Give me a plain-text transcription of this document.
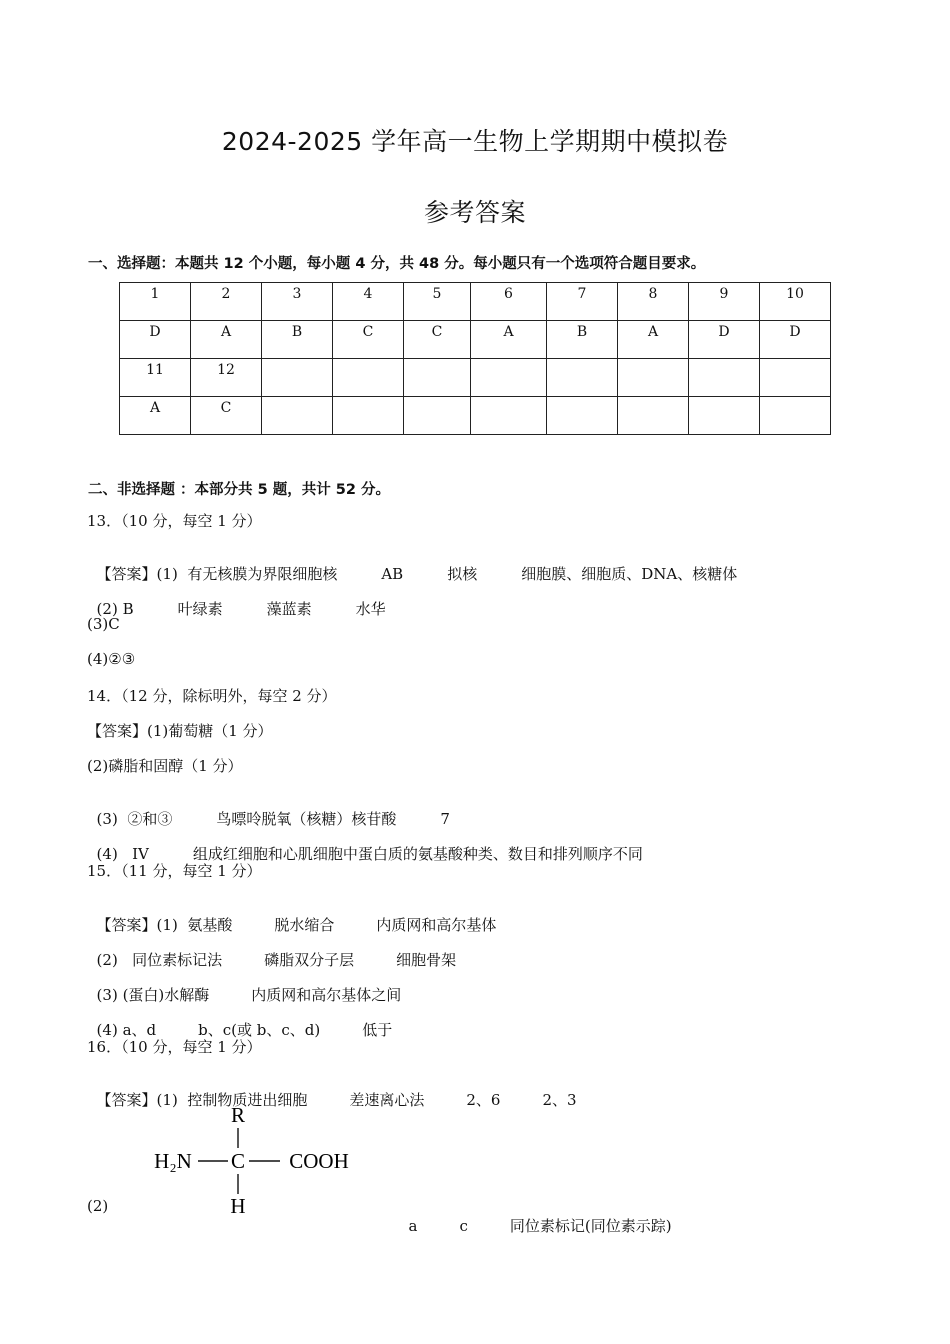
2024-2025 学年高一生物上学期期中模拟卷
参考答案
一、选择题：本题共 12 个小题，每小题 4 分，共 48 分。每小题只有一个选项符合题目要求。
1	2	3	4	5	6	7	8	9	10
D	A	B	C	C	A	B	A	D	D
11	12								
A	C								
二、非选择题 ：本部分共 5 题，共计 52 分。
13．（10 分，每空 1 分）

【答案】(1)  有无核膜为界限细胞核	AB	拟核	细胞膜、细胞质、DNA、核糖体

(2) B	叶绿素	藻蓝素	水华

(3)C
(4)②③
14．（12 分，除标明外，每空 2 分）
【答案】(1)葡萄糖（1 分）
(2)磷脂和固醇（1 分）

(3)  ②和③	鸟嘌呤脱氧（核糖）核苷酸	7

(4)   IV	组成红细胞和心肌细胞中蛋白质的氨基酸种类、数目和排列顺序不同

15．（11 分，每空 1 分）

【答案】(1)  氨基酸	脱水缩合	内质网和高尔基体

(2)   同位素标记法	磷脂双分子层	细胞骨架

(3) (蛋白)水解酶	内质网和高尔基体之间

(4) a、d	b、c(或 b、c、d)	低于

16．（10 分，每空 1 分）

【答案】(1)  控制物质进出细胞	差速离心法	2、6	2、3

R
H₂N C COOH
H
(2)

a	c	同位素标记(同位素示踪)
